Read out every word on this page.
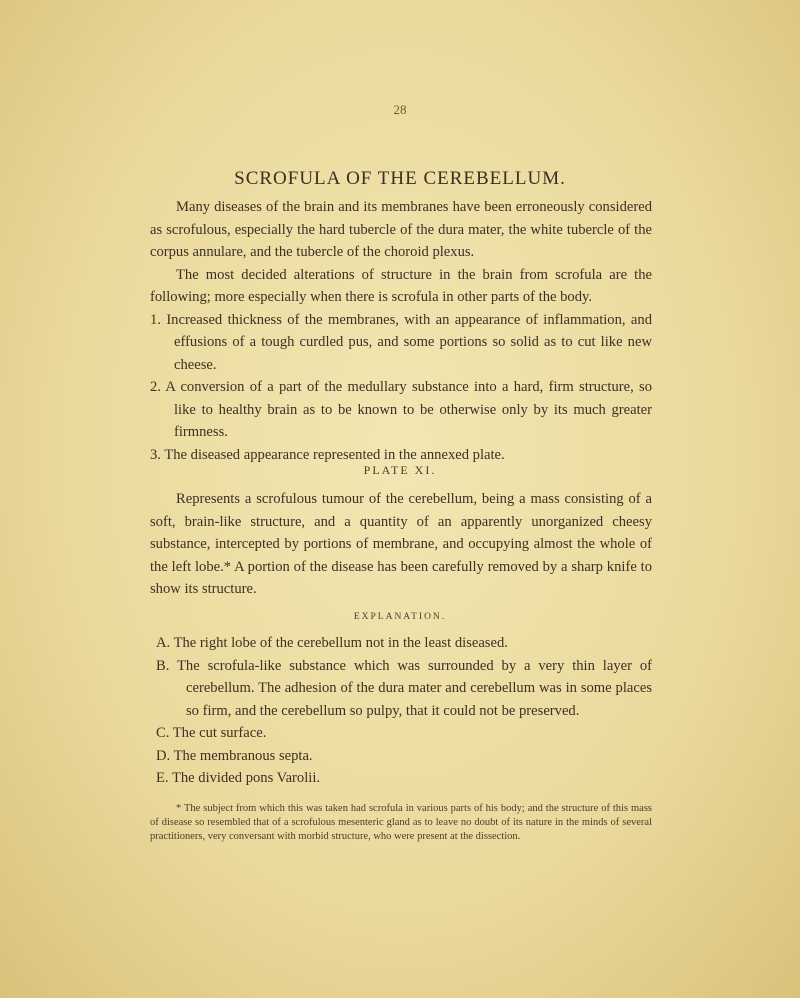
28
SCROFULA OF THE CEREBELLUM.

Many diseases of the brain and its membranes have been erroneously considered as scrofulous, especially the hard tubercle of the dura mater, the white tubercle of the corpus annulare, and the tubercle of the choroid plexus.

The most decided alterations of structure in the brain from scrofula are the following; more especially when there is scrofula in other parts of the body.

1. Increased thickness of the membranes, with an appearance of inflammation, and effusions of a tough curdled pus, and some portions so solid as to cut like new cheese.

2. A conversion of a part of the medullary substance into a hard, firm structure, so like to healthy brain as to be known to be otherwise only by its much greater firmness.

3. The diseased appearance represented in the annexed plate.

PLATE XI.

Represents a scrofulous tumour of the cerebellum, being a mass consisting of a soft, brain-like structure, and a quantity of an apparently unorganized cheesy substance, intercepted by portions of membrane, and occupying almost the whole of the left lobe.* A portion of the disease has been carefully removed by a sharp knife to show its structure.

EXPLANATION.

A. The right lobe of the cerebellum not in the least diseased.

B. The scrofula-like substance which was surrounded by a very thin layer of cerebellum. The adhesion of the dura mater and cerebellum was in some places so firm, and the cerebellum so pulpy, that it could not be preserved.

C. The cut surface.

D. The membranous septa.

E. The divided pons Varolii.

* The subject from which this was taken had scrofula in various parts of his body; and the structure of this mass of disease so resembled that of a scrofulous mesenteric gland as to leave no doubt of its nature in the minds of several practitioners, very conversant with morbid structure, who were present at the dissection.
